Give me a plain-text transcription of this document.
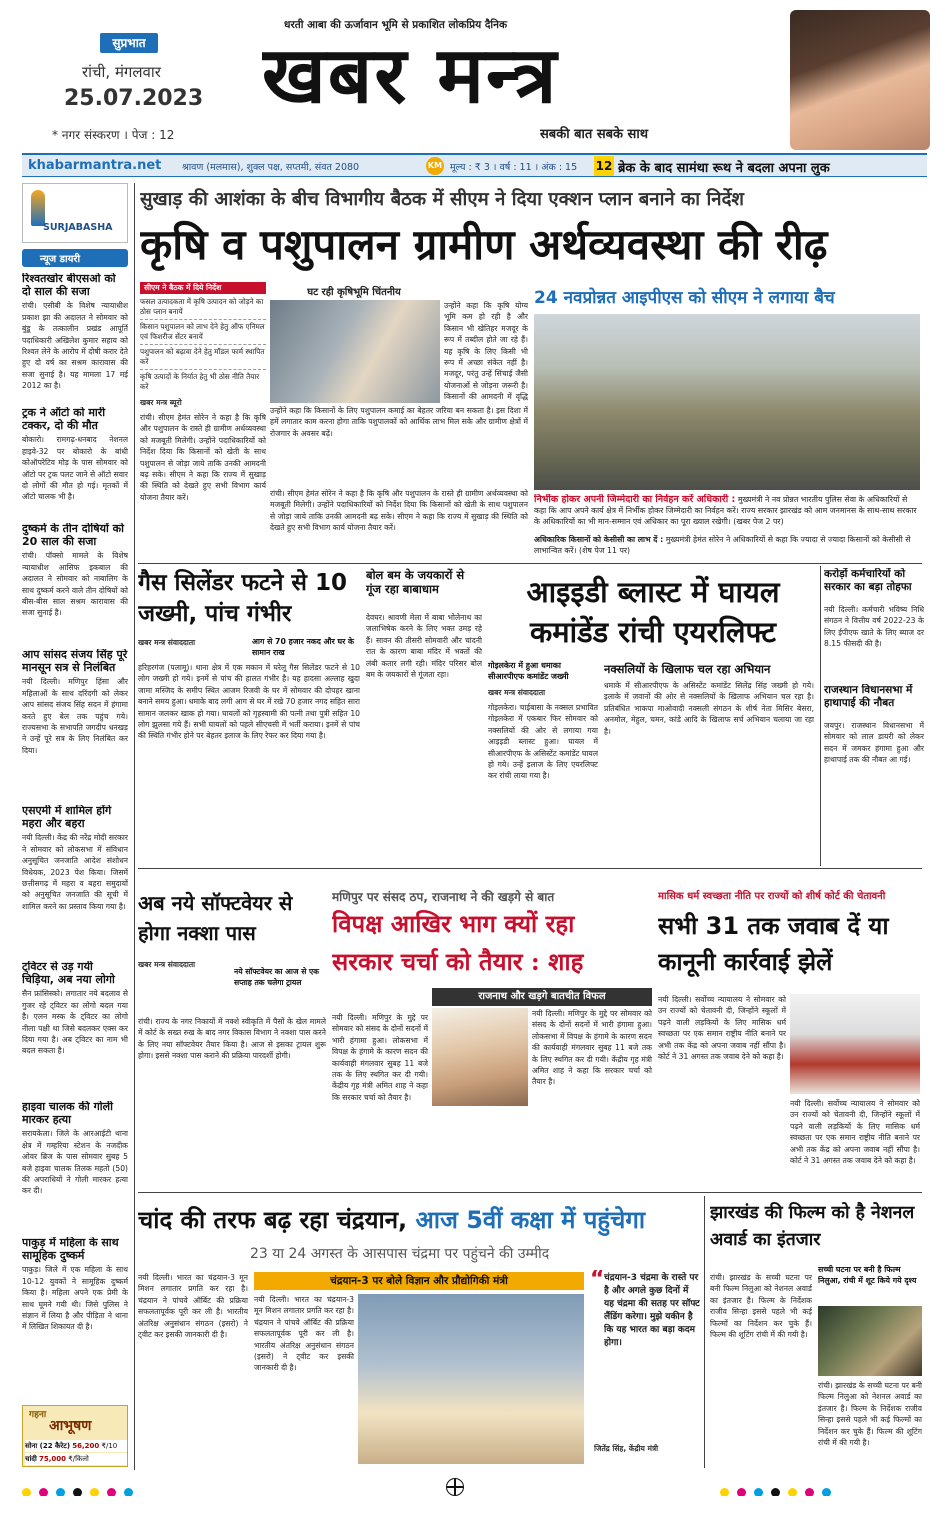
सुप्रभात
रांची, मंगलवार
25.07.2023
* नगर संस्करण । पेज : 12
धरती आबा की ऊर्जावान भूमि से प्रकाशित लोकप्रिय दैनिक
खबर मन्त्र
सबकी बात सबके साथ
khabarmantra.net	श्रावण (मलमास), शुक्ल पक्ष, सप्तमी, संवत 2080	KM मूल्य : ₹ 3 । वर्ष : 11 । अंक : 15	12 ब्रेक के बाद सामंथा रूथ ने बदला अपना लुक
SURJABASHA
न्यूज डायरी
रिश्वतखोर बीएसओ को दो साल की सजा
रांची। एसीबी के विशेष न्यायाधीश प्रकाश झा की अदालत ने सोमवार को बुंडू के तत्कालीन प्रखंड आपूर्ति पदाधिकारी अखिलेश कुमार सहाय को रिश्वत लेने के आरोप में दोषी करार देते हुए दो वर्ष का सश्रम कारावास की सजा सुनाई है। यह मामला 17 मई 2012 का है।
ट्रक ने ऑटो को मारी टक्कर, दो की मौत
बोकारो। रामगढ़-धनबाद नेशनल हाइवे-32 पर बोकारो के बांधी कोऑपरेटिव मोड़ के पास सोमवार को ऑटो पर ट्रक पलट जाने से ऑटो सवार दो लोगों की मौत हो गई। मृतकों में ऑटो चालक भी है।
दुष्कर्म के तीन दोषियों को 20 साल की सजा
रांची। पॉक्सो मामले के विशेष न्यायाधीश आसिफ इकबाल की अदालत ने सोमवार को नाबालिग के साथ दुष्कर्म करने वाले तीन दोषियों को बीस-बीस साल सश्रम कारावास की सजा सुनाई है।
आप सांसद संजय सिंह पूरे मानसून सत्र से निलंबित
नयी दिल्ली। मणिपुर हिंसा और महिलाओं के साथ दरिंदगी को लेकर आप सांसद संजय सिंह सदन में हंगामा करते हुए बेल तक पहुंच गये। राज्यसभा के सभापति जगदीप धनखड़ ने उन्हें पूरे सत्र के लिए निलंबित कर दिया।
एसएमी में शामिल होंगे महरा और बहरा
नयी दिल्ली। केंद्र की नरेंद्र मोदी सरकार ने सोमवार को लोकसभा में संविधान अनुसूचित जनजाति आदेश संशोधन विधेयक, 2023 पेश किया। जिसमें छत्तीसगढ़ में महरा व बहरा समुदायों को अनुसूचित जनजाति की सूची में शामिल करने का प्रस्ताव किया गया है।
ट्विटर से उड़ गयी चिड़िया, अब नया लोगो
सैन फ्रांसिस्को। लगातार नये बदलाव से गुजर रहे ट्विटर का लोगो बदल गया है। एलन मस्क के ट्विटर का लोगो नीला पक्षी था जिसे बदलकर एक्स कर दिया गया है। अब ट्विटर का नाम भी बदल सकता है।
हाइवा चालक की गोली मारकर हत्या
सरायकेला। जिले के आरआईटी थाना क्षेत्र में गम्हरिया स्टेशन के नजदीक ओवर ब्रिज के पास सोमवार सुबह 5 बजे हाइवा चालक तिलक महतो (50) की अपराधियों ने गोली मारकर हत्या कर दी।
पाकुड़ में महिला के साथ सामूहिक दुष्कर्म
पाकुड़। जिले में एक महिला के साथ 10-12 युवकों ने सामूहिक दुष्कर्म किया है। महिला अपने एक प्रेमी के साथ घूमने गयी थी। जिसे पुलिस ने संज्ञान में लिया है और पीड़िता ने थाना में लिखित शिकायत दी है।
गहना
आभूषण
सोना (22 कैरेट) 56,200 ₹/10
चांदी 75,000 ₹/किलो
सुखाड़ की आशंका के बीच विभागीय बैठक में सीएम ने दिया एक्शन प्लान बनाने का निर्देश
कृषि व पशुपालन ग्रामीण अर्थव्यवस्था की रीढ़
सीएम ने बैठक में दिये निर्देश
फसल उत्पादकता में कृषि उत्पादन को जोड़ने का ठोस प्लान बनायें
किसान पशुपालन को लाभ देने हेतु ऑफ एनिमल एवं फिशरीज सेंटर बनायें
पशुपालन को बढ़ावा देने हेतु मॉडल फार्म स्थापित करें
कृषि उत्पादों के निर्यात हेतु भी ठोस नीति तैयार करें
खबर मन्त्र ब्यूरो
रांची। सीएम हेमंत सोरेन ने कहा है कि कृषि और पशुपालन के रास्ते ही ग्रामीण अर्थव्यवस्था को मजबूती मिलेगी। उन्होंने पदाधिकारियों को निर्देश दिया कि किसानों को खेती के साथ पशुपालन से जोड़ा जाये ताकि उनकी आमदनी बढ़ सके। सीएम ने कहा कि राज्य में सुखाड़ की स्थिति को देखते हुए सभी विभाग कार्य योजना तैयार करें।
घट रही कृषिभूमि चिंतनीय
उन्होंने कहा कि कृषि योग्य भूमि कम हो रही है और किसान भी खेतिहर मजदूर के रूप में तब्दील होते जा रहे हैं। यह कृषि के लिए किसी भी रूप में अच्छा संकेत नहीं है। मजदूर, परंतु उन्हें सिंचाई जैसी योजनाओं से जोड़ना जरूरी है। किसानों की आमदनी में वृद्धि
उन्होंने कहा कि किसानों के लिए पशुपालन कमाई का बेहतर जरिया बन सकता है। इस दिशा में हमें लगातार काम करना होगा ताकि पशुपालकों को आर्थिक लाभ मिल सके और ग्रामीण क्षेत्रों में रोजगार के अवसर बढ़ें।
रांची। सीएम हेमंत सोरेन ने कहा है कि कृषि और पशुपालन के रास्ते ही ग्रामीण अर्थव्यवस्था को मजबूती मिलेगी। उन्होंने पदाधिकारियों को निर्देश दिया कि किसानों को खेती के साथ पशुपालन से जोड़ा जाये ताकि उनकी आमदनी बढ़ सके। सीएम ने कहा कि राज्य में सुखाड़ की स्थिति को देखते हुए सभी विभाग कार्य योजना तैयार करें।
24 नवप्रोन्नत आइपीएस को सीएम ने लगाया बैच
निर्भीक होकर अपनी जिम्मेदारी का निर्वहन करें अधिकारी : मुख्यमंत्री ने नव प्रोन्नत भारतीय पुलिस सेवा के अधिकारियों से कहा कि आप अपने कार्य क्षेत्र में निर्भीक होकर जिम्मेदारी का निर्वहन करें। राज्य सरकार झारखंड को आम जनमानस के साथ-साथ सरकार के अधिकारियों का भी मान-सम्मान एवं अधिकार का पूरा ख्याल रखेगी। (खबर पेज 2 पर)
अधिकारिक किसानों को केसीसी का लाभ दें : मुख्यमंत्री हेमंत सोरेन ने अधिकारियों से कहा कि ज्यादा से ज्यादा किसानों को केसीसी से लाभान्वित करें। (शेष पेज 11 पर)
गैस सिलेंडर फटने से 10 जख्मी, पांच गंभीर
खबर मन्त्र संवाददाता	आग से 70 हजार नकद और घर के सामान राख
हरिहरगंज (पलामू)। थाना क्षेत्र में एक मकान में घरेलू गैस सिलेंडर फटने से 10 लोग जख्मी हो गये। इनमें से पांच की हालत गंभीर है। यह हादसा अल्लाह खुदा जामा मस्जिद के समीप स्थित आजम रिजवी के घर में सोमवार की दोपहर खाना बनाने समय हुआ। धमाके बाद लगी आग से घर में रखे 70 हजार नगद सहित सारा सामान जलकर खाक हो गया। घायलों को गृहस्वामी की पत्नी तथा पुत्री सहित 10 लोग झुलसा गये हैं। सभी घायलों को पहले सीएचसी में भर्ती कराया। इनमें से पांच की स्थिति गंभीर होने पर बेहतर इलाज के लिए रेफर कर दिया गया है।
बोल बम के जयकारों से गूंज रहा बाबाधाम
देवघर। श्रावणी मेला में बाबा भोलेनाथ का जलाभिषेक करने के लिए भक्त उमड़ रहे हैं। सावन की तीसरी सोमवारी और चांदनी रात के कारण बाबा मंदिर में भक्तों की लंबी कतार लगी रही। मंदिर परिसर बोल बम के जयकारों से गूंजता रहा।
आइइडी ब्लास्ट में घायल कमांडेंड रांची एयरलिफ्ट
गोइलकेरा में हुआ धमाका सीआरपीएफ कमांडेंट जख्मी
खबर मन्त्र संवाददाता
गोइलकेरा। चाईबासा के नक्सल प्रभावित गोइलकेरा में एकबार फिर सोमवार को नक्सलियों की ओर से लगाया गया आइइडी ब्लास्ट हुआ। घायल में सीआरपीएफ के असिस्टेंट कमांडेंट घायल हो गये। उन्हें इलाज के लिए एयरलिफ्ट कर रांची लाया गया है।
नक्सलियों के खिलाफ चल रहा अभियान
धमाके में सीआरपीएफ के असिस्टेंट कमांडेंट सिलेंद्र सिंह जख्मी हो गये। इलाके में जवानों की ओर से नक्सलियों के खिलाफ अभियान चल रहा है। प्रतिबंधित भाकपा माओवादी नक्सली संगठन के शीर्ष नेता मिसिर बेसरा, अनमोल, मेहुल, चमन, कांडे आदि के खिलाफ सर्च अभियान चलाया जा रहा है।
करोड़ों कर्मचारियों को सरकार का बड़ा तोहफा
नयी दिल्ली। कर्मचारी भविष्य निधि संगठन ने वित्तीय वर्ष 2022-23 के लिए ईपीएफ खाते के लिए ब्याज दर 8.15 फीसदी की है।
राजस्थान विधानसभा में हाथापाई की नौबत
जयपुर। राजस्थान विधानसभा में सोमवार को लाल डायरी को लेकर सदन में जमकर हंगामा हुआ और हाथापाई तक की नौबत आ गई।
अब नये सॉफ्टवेयर से होगा नक्शा पास
खबर मन्त्र संवाददाता
नये सॉफ्टवेयर का आज से एक सप्ताह तक चलेगा ट्रायल
रांची। राज्य के नगर निकायों में नक्शे स्वीकृति में पैसों के खेल मामले में कोर्ट के सख्त रुख के बाद नगर विकास विभाग ने नक्शा पास करने के लिए नया सॉफ्टवेयर तैयार किया है। आज से इसका ट्रायल शुरू होगा। इससे नक्शा पास कराने की प्रक्रिया पारदर्शी होगी।
मणिपुर पर संसद ठप, राजनाथ ने की खड़गे से बात
विपक्ष आखिर भाग क्यों रहा
सरकार चर्चा को तैयार : शाह
नयी दिल्ली। मणिपुर के मुद्दे पर सोमवार को संसद के दोनों सदनों में भारी हंगामा हुआ। लोकसभा में विपक्ष के हंगामे के कारण सदन की कार्यवाही मंगलवार सुबह 11 बजे तक के लिए स्थगित कर दी गयी। केंद्रीय गृह मंत्री अमित शाह ने कहा कि सरकार चर्चा को तैयार है।
राजनाथ और खड़गे बातचीत विफल
नयी दिल्ली। मणिपुर के मुद्दे पर सोमवार को संसद के दोनों सदनों में भारी हंगामा हुआ। लोकसभा में विपक्ष के हंगामे के कारण सदन की कार्यवाही मंगलवार सुबह 11 बजे तक के लिए स्थगित कर दी गयी। केंद्रीय गृह मंत्री अमित शाह ने कहा कि सरकार चर्चा को तैयार है।
मासिक धर्म स्वच्छता नीति पर राज्यों को शीर्ष कोर्ट की चेतावनी
सभी 31 तक जवाब दें या कानूनी कार्रवाई झेलें
नयी दिल्ली। सर्वोच्च न्यायालय ने सोमवार को उन राज्यों को चेतावनी दी, जिन्होंने स्कूलों में पढ़ने वाली लड़कियों के लिए मासिक धर्म स्वच्छता पर एक समान राष्ट्रीय नीति बनाने पर अभी तक केंद्र को अपना जवाब नहीं सौंपा है। कोर्ट ने 31 अगस्त तक जवाब देने को कहा है।
नयी दिल्ली। सर्वोच्च न्यायालय ने सोमवार को उन राज्यों को चेतावनी दी, जिन्होंने स्कूलों में पढ़ने वाली लड़कियों के लिए मासिक धर्म स्वच्छता पर एक समान राष्ट्रीय नीति बनाने पर अभी तक केंद्र को अपना जवाब नहीं सौंपा है। कोर्ट ने 31 अगस्त तक जवाब देने को कहा है।
चांद की तरफ बढ़ रहा चंद्रयान, आज 5वीं कक्षा में पहुंचेगा
23 या 24 अगस्त के आसपास चंद्रमा पर पहुंचने की उम्मीद
नयी दिल्ली। भारत का चंद्रयान-3 मून मिशन लगातार प्रगति कर रहा है। चंद्रयान ने पांचवे ऑर्बिट की प्रक्रिया सफलतापूर्वक पूरी कर ली है। भारतीय अंतरिक्ष अनुसंधान संगठन (इसरो) ने ट्वीट कर इसकी जानकारी दी है।
चंद्रयान-3 पर बोले विज्ञान और प्रौद्योगिकी मंत्री
नयी दिल्ली। भारत का चंद्रयान-3 मून मिशन लगातार प्रगति कर रहा है। चंद्रयान ने पांचवे ऑर्बिट की प्रक्रिया सफलतापूर्वक पूरी कर ली है। भारतीय अंतरिक्ष अनुसंधान संगठन (इसरो) ने ट्वीट कर इसकी जानकारी दी है।
“ चंद्रयान-3 चंद्रमा के रास्ते पर है और अगले कुछ दिनों में यह चंद्रमा की सतह पर सॉफ्ट लैंडिंग करेगा। मुझे यकीन है कि यह भारत का बड़ा कदम होगा।
जितेंद्र सिंह, केंद्रीय मंत्री
झारखंड की फिल्म को है नेशनल अवार्ड का इंतजार
रांची। झारखंड के सच्ची घटना पर बनी फिल्म निलुआ को नेशनल अवार्ड का इंतजार है। फिल्म के निर्देशक राजीव सिन्हा इससे पहले भी कई फिल्मों का निर्देशन कर चुके हैं। फिल्म की शूटिंग रांची में की गयी है।
सच्ची घटना पर बनी है फिल्म निलुआ, रांची में शूट किये गये दृश्य
रांची। झारखंड के सच्ची घटना पर बनी फिल्म निलुआ को नेशनल अवार्ड का इंतजार है। फिल्म के निर्देशक राजीव सिन्हा इससे पहले भी कई फिल्मों का निर्देशन कर चुके हैं। फिल्म की शूटिंग रांची में की गयी है।
